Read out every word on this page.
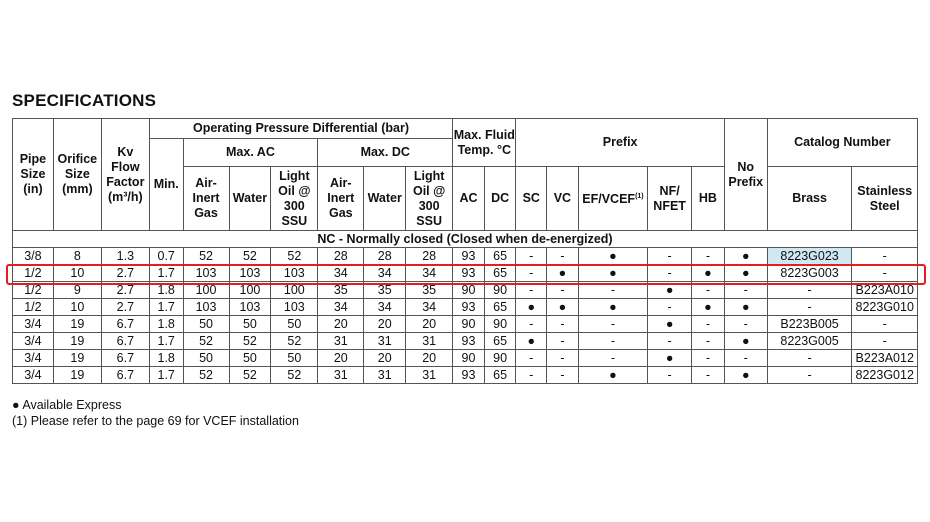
SPECIFICATIONS
Pipe Size (in)	Orifice Size (mm)	Kv Flow Factor (m³/h)	Operating Pressure Differential (bar)							Max. Fluid Temp. °C		Prefix					No Prefix	Catalog Number	
			Min.	Max. AC			Max. DC												
				Air-Inert Gas	Water	Light Oil @ 300 SSU	Air-Inert Gas	Water	Light Oil @ 300 SSU	AC	DC	SC	VC	EF/VCEF$^{(1)}$	NF/ NFET	HB		Brass	Stainless Steel
NC - Normally closed (Closed when de-energized)																			
3/8	8	1.3	0.7	52	52	52	28	28	28	93	65	-	-	●	-	-	●	8223G023	-
1/2	10	2.7	1.7	103	103	103	34	34	34	93	65	-	●	●	-	●	●	8223G003	-
1/2	9	2.7	1.8	100	100	100	35	35	35	90	90	-	-	-	●	-	-	-	B223A010
1/2	10	2.7	1.7	103	103	103	34	34	34	93	65	●	●	●	-	●	●	-	8223G010
3/4	19	6.7	1.8	50	50	50	20	20	20	90	90	-	-	-	●	-	-	B223B005	-
3/4	19	6.7	1.7	52	52	52	31	31	31	93	65	●	-	-	-	-	●	8223G005	-
3/4	19	6.7	1.8	50	50	50	20	20	20	90	90	-	-	-	●	-	-	-	B223A012
3/4	19	6.7	1.7	52	52	52	31	31	31	93	65	-	-	●	-	-	●	-	8223G012
● Available Express
(1) Please refer to the page 69 for VCEF installation
